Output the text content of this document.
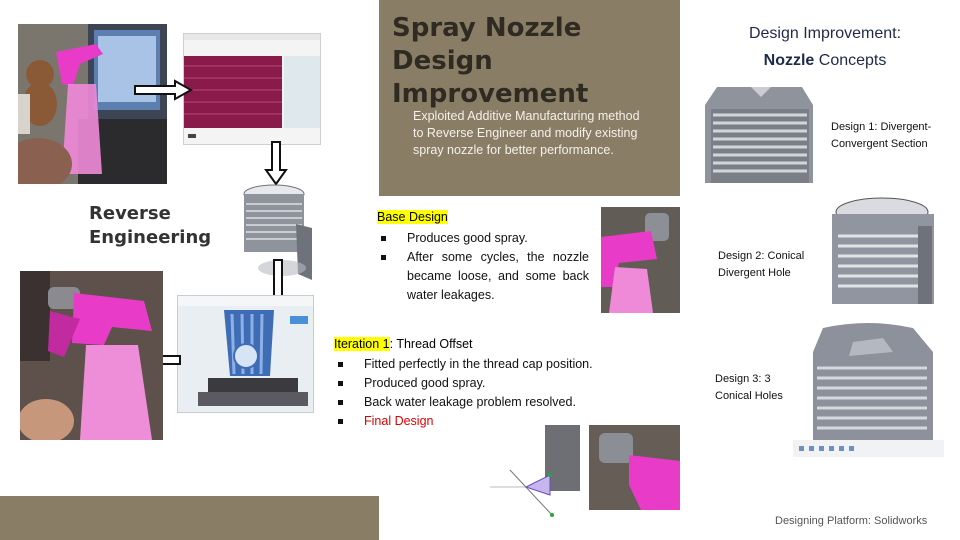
Spray Nozzle Design Improvement
Exploited Additive Manufacturing method to Reverse Engineer and modify existing spray nozzle for better performance.
Reverse Engineering
Base Design
Produces good spray.
After some cycles, the nozzle became loose, and some back water leakages.
Iteration 1: Thread Offset
Fitted perfectly in the thread cap position.
Produced good spray.
Back water leakage problem resolved.
Final Design
Design Improvement:
Nozzle Concepts
Design 1: Divergent-Convergent Section
Design 2: Conical Divergent Hole
Design 3: 3 Conical Holes
Designing Platform: Solidworks
